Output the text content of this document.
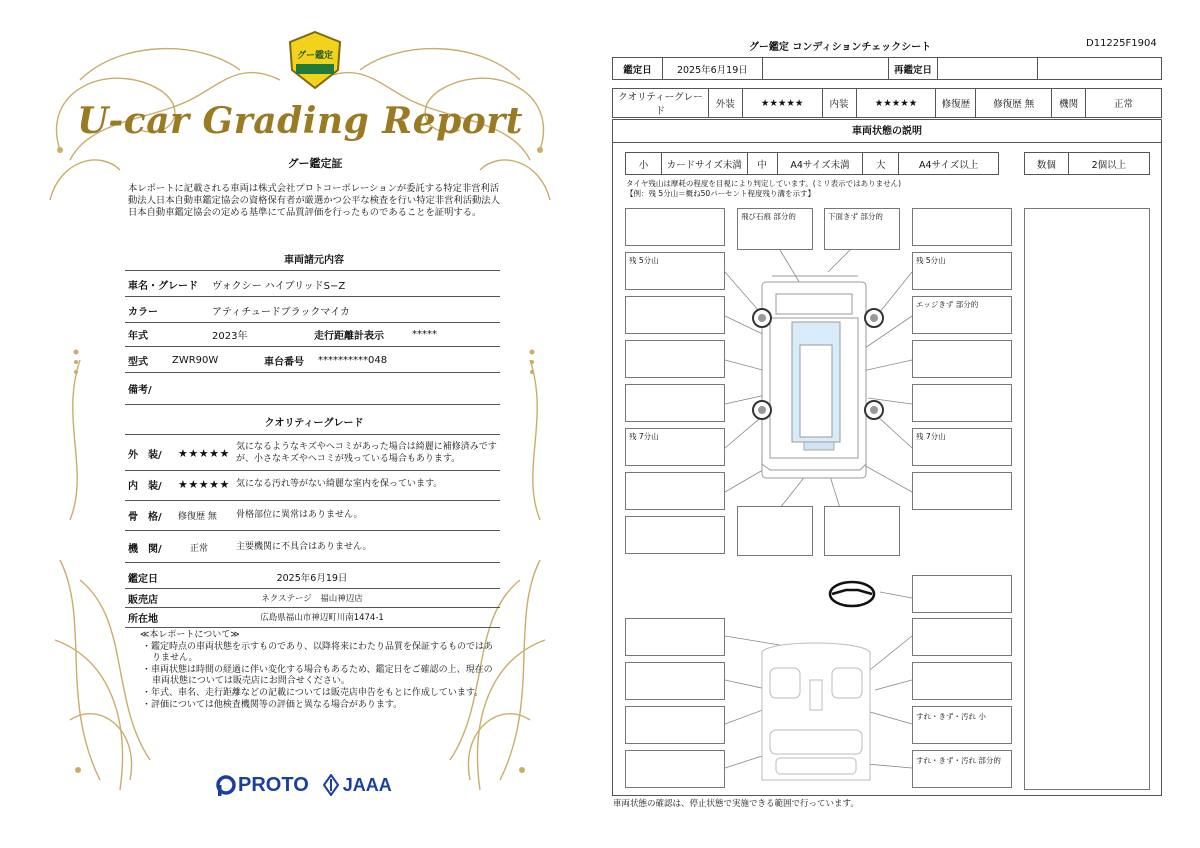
グー鑑定
U-car Grading Report
グー鑑定証
本レポートに記載される車両は株式会社プロトコーポレーションが委託する特定非営利活動法人日本自動車鑑定協会の資格保有者が厳選かつ公平な検査を行い特定非営利活動法人日本自動車鑑定協会の定める基準にて品質評価を行ったものであることを証明する。
車両諸元内容
車名・グレード	ヴォクシー ハイブリッドS−Z
カラー	アティチュードブラックマイカ
年式	2023年	走行距離計表示	*****
型式	ZWR90W	車台番号	**********048
備考/
クオリティーグレード
外　装/	★★★★★ 気になるようなキズやヘコミがあった場合は綺麗に補修済みですが、小さなキズやヘコミが残っている場合もあります。
内　装/	★★★★★ 気になる汚れ等がない綺麗な室内を保っています。
骨　格/	修復歴 無	骨格部位に異常はありません。
機　関/	正常	主要機関に不具合はありません。
鑑定日	2025年6月19日
販売店	ネクステージ　福山神辺店
所在地	広島県福山市神辺町川南1474-1
≪本レポートについて≫
・鑑定時点の車両状態を示すものであり、以降将来にわたり品質を保証するものではありません。
・車両状態は時間の経過に伴い変化する場合もあるため、鑑定日をご確認の上、現在の車両状態については販売店にお問合せください。
・年式、車名、走行距離などの記載については販売店申告をもとに作成しています。
・評価については他検査機関等の評価と異なる場合があります。
PROTO JAAA
グー鑑定 コンディションチェックシート	D11225F1904
鑑定日	2025年6月19日		再鑑定日		
クオリティーグレード	外装	★★★★★	内装	★★★★★	修復歴	修復歴 無	機関	正常
車両状態の説明
小	カードサイズ未満	中	A4サイズ未満	大	A4サイズ以上	数個	2個以上
タイヤ残山は摩耗の程度を目視により判定しています。(ミリ表示ではありません)
【例：残 5分山＝概ね50パーセント程度残り溝を示す】
残 5分山
残 7分山
飛び石痕 部分的	下面きず 部分的
残 5分山
エッジきず 部分的
残 7分山
すれ・きず・汚れ 小
すれ・きず・汚れ 部分的
車両状態の確認は、停止状態で実施できる範囲で行っています。
